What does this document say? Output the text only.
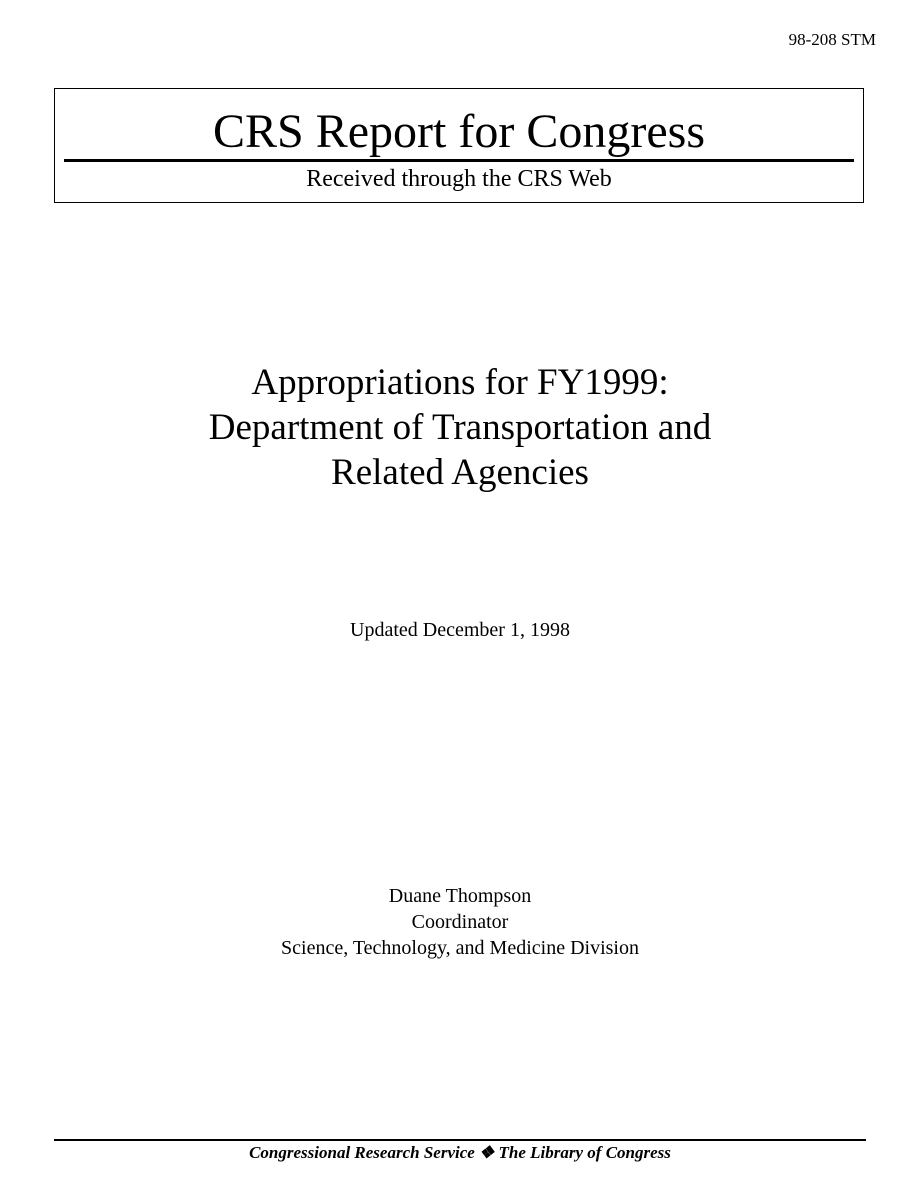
98-208 STM
CRS Report for Congress
Received through the CRS Web
Appropriations for FY1999:
Department of Transportation and
Related Agencies
Updated December 1, 1998
Duane Thompson
Coordinator
Science, Technology, and Medicine Division
Congressional Research Service ❖ The Library of Congress
